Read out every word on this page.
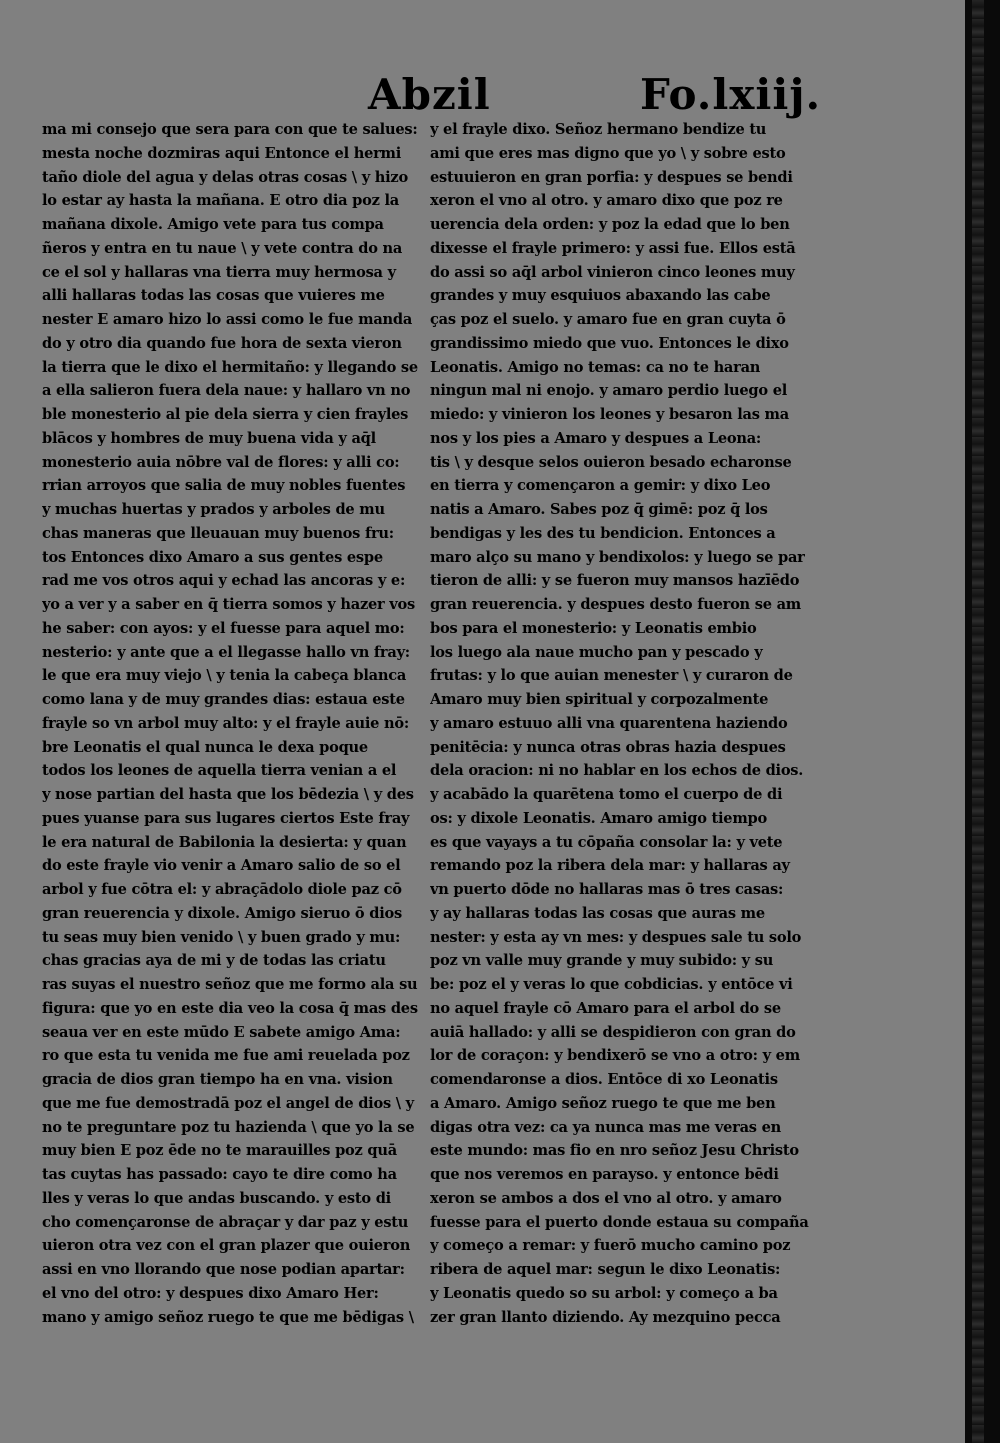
Abzil	Fo.lxiij.
ma mi consejo que sera para con que te salues:
mesta noche dozmiras aqui Entonce el hermi
taño diole del agua y delas otras cosas \ y hizo
lo estar ay hasta la mañana. E otro dia poz la
mañana dixole. Amigo vete para tus compa
ñeros y entra en tu naue \ y vete contra do na
ce el sol y hallaras vna tierra muy hermosa y
alli hallaras todas las cosas que vuieres me
nester E amaro hizo lo assi como le fue manda
do y otro dia quando fue hora de sexta vieron
la tierra que le dixo el hermitaño: y llegando se
a ella salieron fuera dela naue: y hallaro vn no
ble monesterio al pie dela sierra y cien frayles
blācos y hombres de muy buena vida y aq̄l
monesterio auia nōbre val de flores: y alli co:
rrian arroyos que salia de muy nobles fuentes
y muchas huertas y prados y arboles de mu
chas maneras que lleuauan muy buenos fru:
tos Entonces dixo Amaro a sus gentes espe
rad me vos otros aqui y echad las ancoras y e:
yo a ver y a saber en q̄ tierra somos y hazer vos
he saber: con ayos: y el fuesse para aquel mo:
nesterio: y ante que a el llegasse hallo vn fray:
le que era muy viejo \ y tenia la cabeça blanca
como lana y de muy grandes dias: estaua este
frayle so vn arbol muy alto: y el frayle auie nō:
bre Leonatis el qual nunca le dexa poque
todos los leones de aquella tierra venian a el
y nose partian del hasta que los bēdezia \ y des
pues yuanse para sus lugares ciertos Este fray
le era natural de Babilonia la desierta: y quan
do este frayle vio venir a Amaro salio de so el
arbol y fue cōtra el: y abraçādolo diole paz cō
gran reuerencia y dixole. Amigo sieruo ō dios
tu seas muy bien venido \ y buen grado y mu:
chas gracias aya de mi y de todas las criatu
ras suyas el nuestro señoz que me formo ala su
figura: que yo en este dia veo la cosa q̄ mas des
seaua ver en este mūdo E sabete amigo Ama:
ro que esta tu venida me fue ami reuelada poz
gracia de dios gran tiempo ha en vna. vision
que me fue demostradā poz el angel de dios \ y
no te preguntare poz tu hazienda \ que yo la se
muy bien E poz ēde no te marauilles poz quā
tas cuytas has passado: cayo te dire como ha
lles y veras lo que andas buscando. y esto di
cho començaronse de abraçar y dar paz y estu
uieron otra vez con el gran plazer que ouieron
assi en vno llorando que nose podian apartar:
el vno del otro: y despues dixo Amaro Her:
mano y amigo señoz ruego te que me bēdigas \
y el frayle dixo. Señoz hermano bendize tu
ami que eres mas digno que yo \ y sobre esto
estuuieron en gran porfia: y despues se bendi
xeron el vno al otro. y amaro dixo que poz re
uerencia dela orden: y poz la edad que lo ben
dixesse el frayle primero: y assi fue. Ellos estā
do assi so aq̄l arbol vinieron cinco leones muy
grandes y muy esquiuos abaxando las cabe
ças poz el suelo. y amaro fue en gran cuyta ō
grandissimo miedo que vuo. Entonces le dixo
Leonatis. Amigo no temas: ca no te haran
ningun mal ni enojo. y amaro perdio luego el
miedo: y vinieron los leones y besaron las ma
nos y los pies a Amaro y despues a Leona:
tis \ y desque selos ouieron besado echaronse
en tierra y començaron a gemir: y dixo Leo
natis a Amaro. Sabes poz q̄ gimē: poz q̄ los
bendigas y les des tu bendicion. Entonces a
maro alço su mano y bendixolos: y luego se par
tieron de alli: y se fueron muy mansos hazīēdo
gran reuerencia. y despues desto fueron se am
bos para el monesterio: y Leonatis embio
los luego ala naue mucho pan y pescado y
frutas: y lo que auian menester \ y curaron de
Amaro muy bien spiritual y corpozalmente
y amaro estuuo alli vna quarentena haziendo
penitēcia: y nunca otras obras hazia despues
dela oracion: ni no hablar en los echos de dios.
y acabādo la quarētena tomo el cuerpo de di
os: y dixole Leonatis. Amaro amigo tiempo
es que vayays a tu cōpaña consolar la: y vete
remando poz la ribera dela mar: y hallaras ay
vn puerto dōde no hallaras mas ō tres casas:
y ay hallaras todas las cosas que auras me
nester: y esta ay vn mes: y despues sale tu solo
poz vn valle muy grande y muy subido: y su
be: poz el y veras lo que cobdicias. y entōce vi
no aquel frayle cō Amaro para el arbol do se
auiā hallado: y alli se despidieron con gran do
lor de coraçon: y bendixerō se vno a otro: y em
comendaronse a dios. Entōce di xo Leonatis
a Amaro. Amigo señoz ruego te que me ben
digas otra vez: ca ya nunca mas me veras en
este mundo: mas fio en nro señoz Jesu Christo
que nos veremos en parayso. y entonce bēdi
xeron se ambos a dos el vno al otro. y amaro
fuesse para el puerto donde estaua su compaña
y começo a remar: y fuerō mucho camino poz
ribera de aquel mar: segun le dixo Leonatis:
y Leonatis quedo so su arbol: y começo a ba
zer gran llanto diziendo. Ay mezquino pecca
